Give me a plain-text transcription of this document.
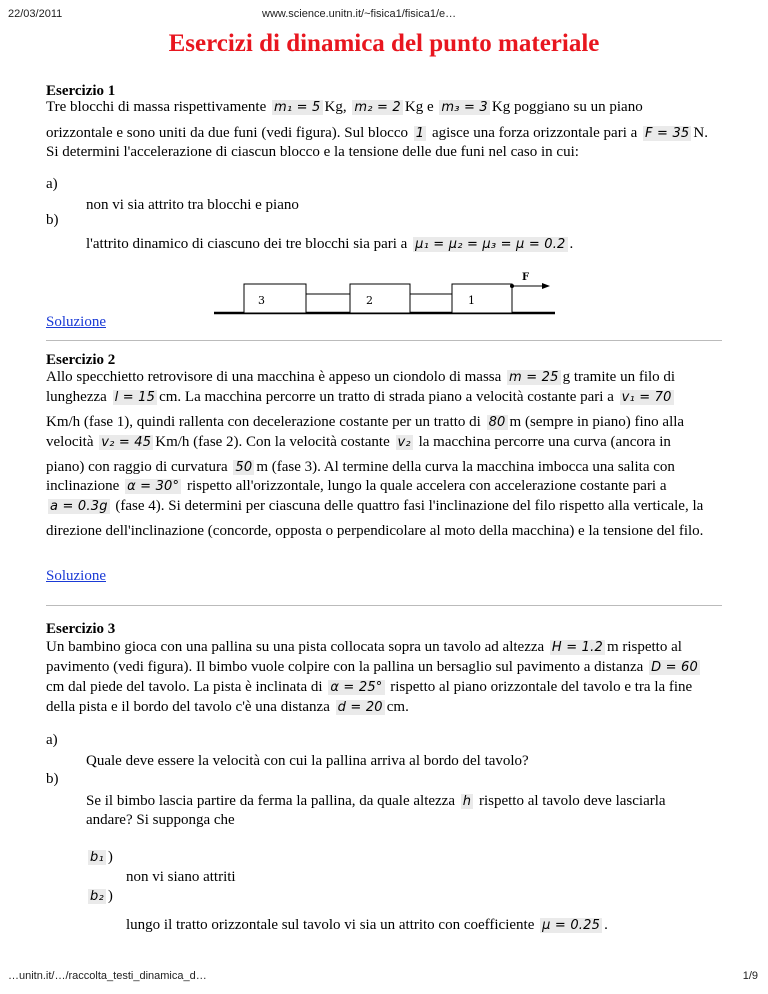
22/03/2011	www.science.unitn.it/~fisica1/fisica1/e…
Esercizi di dinamica del punto materiale
Esercizio 1
Tre blocchi di massa rispettivamente m₁ = 5 Kg, m₂ = 2 Kg e m₃ = 3 Kg poggiano su un piano
orizzontale e sono uniti da due funi (vedi figura). Sul blocco 1 agisce una forza orizzontale pari a F = 35 N.
Si determini l'accelerazione di ciascun blocco e la tensione delle due funi nel caso in cui:
a)
non vi sia attrito tra blocchi e piano
b)
l'attrito dinamico di ciascuno dei tre blocchi sia pari a μ₁ = μ₂ = μ₃ = μ = 0.2 .
3	2	1
F
Soluzione
Esercizio 2
Allo specchietto retrovisore di una macchina è appeso un ciondolo di massa m = 25 g tramite un filo di
lunghezza l = 15 cm. La macchina percorre un tratto di strada piano a velocità costante pari a v₁ = 70
Km/h (fase 1), quindi rallenta con decelerazione costante per un tratto di 80 m (sempre in piano) fino alla
velocità v₂ = 45 Km/h (fase 2). Con la velocità costante v₂ la macchina percorre una curva (ancora in
piano) con raggio di curvatura 50 m (fase 3). Al termine della curva la macchina imbocca una salita con
inclinazione α = 30° rispetto all'orizzontale, lungo la quale accelera con accelerazione costante pari a
a = 0.3g (fase 4). Si determini per ciascuna delle quattro fasi l'inclinazione del filo rispetto alla verticale, la
direzione dell'inclinazione (concorde, opposta o perpendicolare al moto della macchina) e la tensione del filo.
Soluzione
Esercizio 3
Un bambino gioca con una pallina su una pista collocata sopra un tavolo ad altezza H = 1.2 m rispetto al
pavimento (vedi figura). Il bimbo vuole colpire con la pallina un bersaglio sul pavimento a distanza D = 60
cm dal piede del tavolo. La pista è inclinata di α = 25° rispetto al piano orizzontale del tavolo e tra la fine
della pista e il bordo del tavolo c'è una distanza d = 20 cm.
a)
Quale deve essere la velocità con cui la pallina arriva al bordo del tavolo?
b)
Se il bimbo lascia partire da ferma la pallina, da quale altezza h rispetto al tavolo deve lasciarla
andare? Si supponga che
b₁ )
non vi siano attriti
b₂ )
lungo il tratto orizzontale sul tavolo vi sia un attrito con coefficiente μ = 0.25 .
…unitn.it/…/raccolta_testi_dinamica_d…	1/9
